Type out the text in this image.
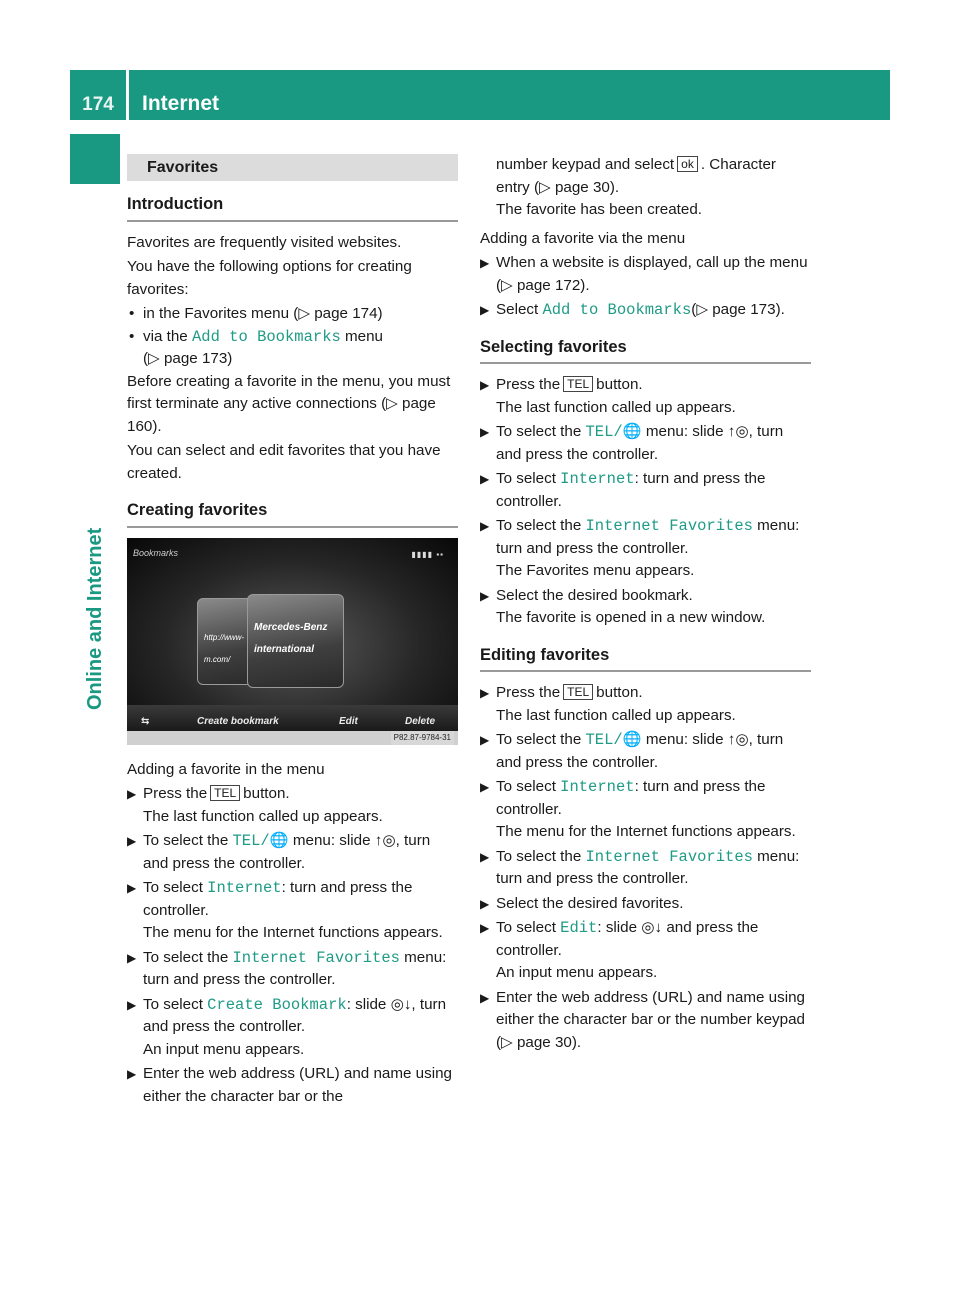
174	Internet
Online and Internet
Favorites
Introduction

Favorites are frequently visited websites.

You have the following options for creating favorites:

• in the Favorites menu (▷ page 174)

• via the Add to Bookmarks menu
(▷ page 173)

Before creating a favorite in the menu, you must first terminate any active connections (▷ page 160).

You can select and edit favorites that you have created.

Creating favorites
Bookmarks	▮▮▮▮ ▪▪
http://www-m.com/
Mercedes-Benz international
⇆	Create bookmark	Edit	Delete
P82.87-9784-31

Adding a favorite in the menu

▶ Press the TEL button.
The last function called up appears.
▶ To select the TEL/🌐 menu: slide ↑◎, turn and press the controller.
▶ To select Internet: turn and press the controller.
The menu for the Internet functions appears.
▶ To select the Internet Favorites menu: turn and press the controller.
▶ To select Create Bookmark: slide ◎↓, turn and press the controller.
An input menu appears.
▶ Enter the web address (URL) and name using either the character bar or the
number keypad and select ok . Character entry (▷ page 30).
The favorite has been created.

Adding a favorite via the menu

▶ When a website is displayed, call up the menu (▷ page 172).
▶ Select Add to Bookmarks(▷ page 173).
Selecting favorites
▶ Press the TEL button.
The last function called up appears.
▶ To select the TEL/🌐 menu: slide ↑◎, turn and press the controller.
▶ To select Internet: turn and press the controller.
▶ To select the Internet Favorites menu: turn and press the controller.
The Favorites menu appears.
▶ Select the desired bookmark.
The favorite is opened in a new window.
Editing favorites
▶ Press the TEL button.
The last function called up appears.
▶ To select the TEL/🌐 menu: slide ↑◎, turn and press the controller.
▶ To select Internet: turn and press the controller.
The menu for the Internet functions appears.
▶ To select the Internet Favorites menu: turn and press the controller.
▶ Select the desired favorites.
▶ To select Edit: slide ◎↓ and press the controller.
An input menu appears.
▶ Enter the web address (URL) and name using either the character bar or the number keypad (▷ page 30).
